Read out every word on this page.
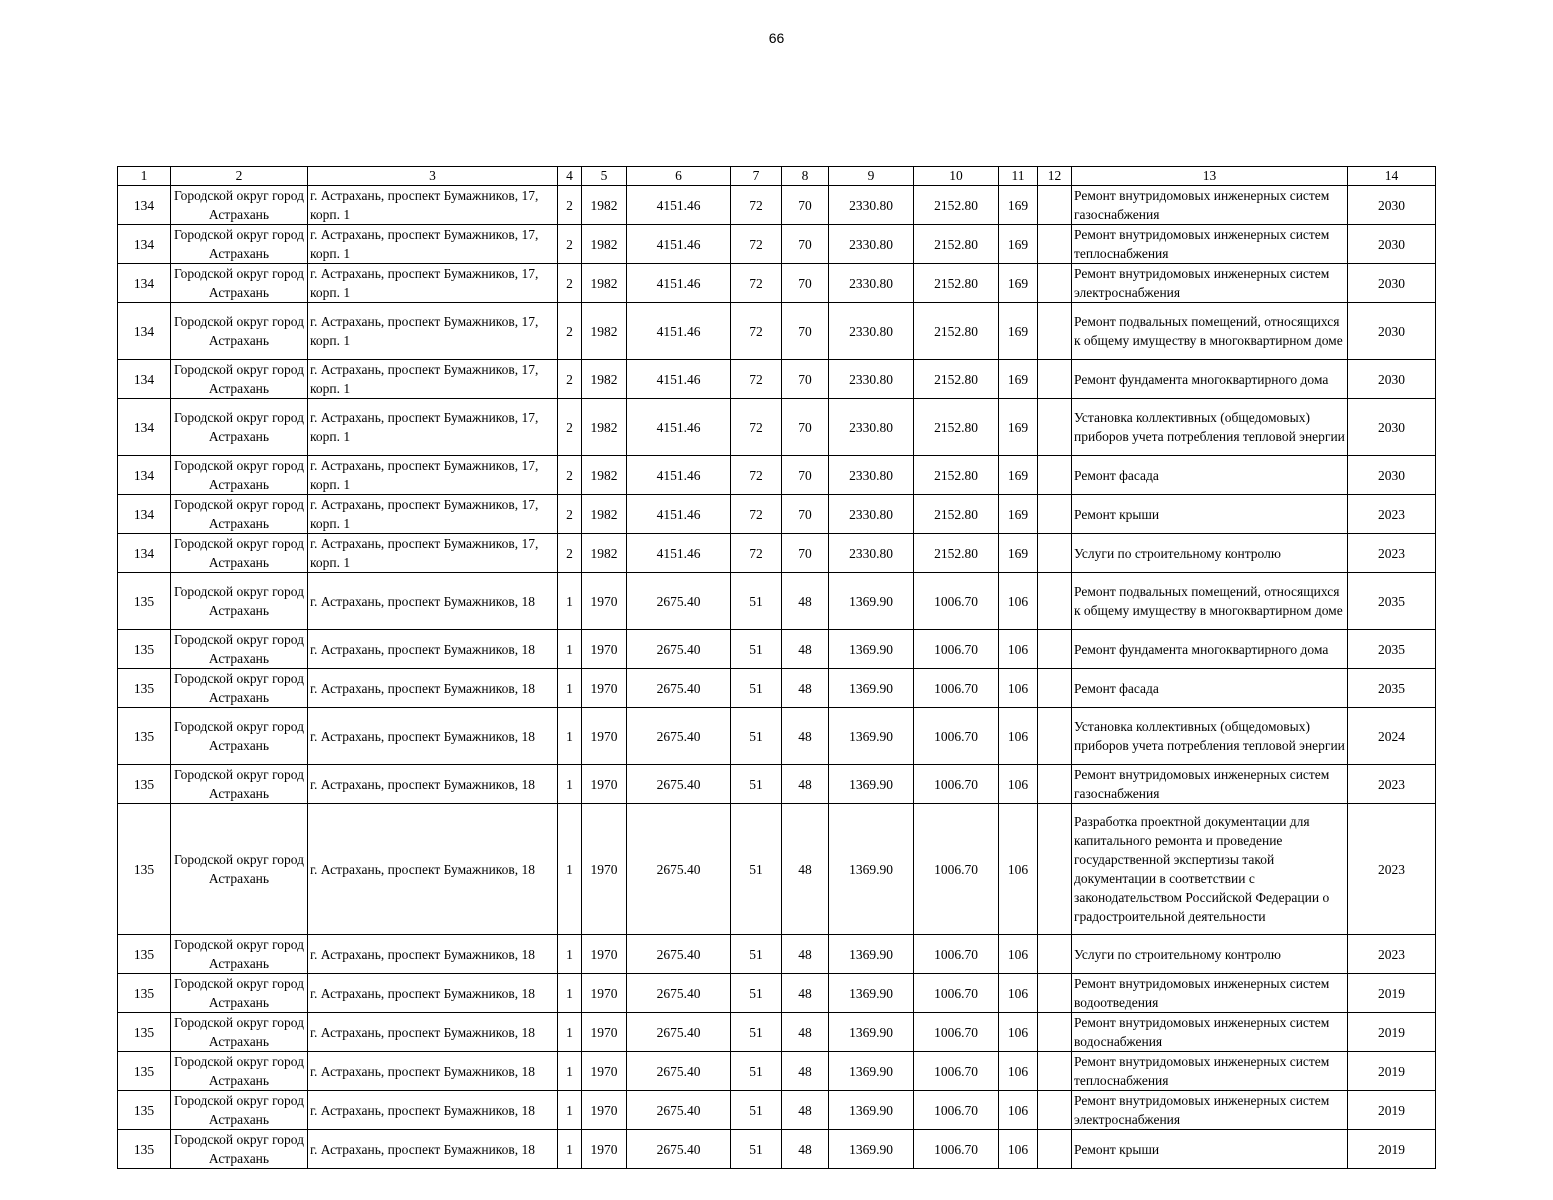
66
1	2	3	4	5	6	7	8	9	10	11	12	13	14
134	Городской округ город Астрахань	г. Астрахань, проспект Бумажников, 17, корп. 1	2	1982	4151.46	72	70	2330.80	2152.80	169		Ремонт внутридомовых инженерных систем газоснабжения	2030
134	Городской округ город Астрахань	г. Астрахань, проспект Бумажников, 17, корп. 1	2	1982	4151.46	72	70	2330.80	2152.80	169		Ремонт внутридомовых инженерных систем теплоснабжения	2030
134	Городской округ город Астрахань	г. Астрахань, проспект Бумажников, 17, корп. 1	2	1982	4151.46	72	70	2330.80	2152.80	169		Ремонт внутридомовых инженерных систем электроснабжения	2030
134	Городской округ город Астрахань	г. Астрахань, проспект Бумажников, 17, корп. 1	2	1982	4151.46	72	70	2330.80	2152.80	169		Ремонт подвальных помещений, относящихся к общему имуществу в многоквартирном доме	2030
134	Городской округ город Астрахань	г. Астрахань, проспект Бумажников, 17, корп. 1	2	1982	4151.46	72	70	2330.80	2152.80	169		Ремонт фундамента многоквартирного дома	2030
134	Городской округ город Астрахань	г. Астрахань, проспект Бумажников, 17, корп. 1	2	1982	4151.46	72	70	2330.80	2152.80	169		Установка коллективных (общедомовых) приборов учета потребления тепловой энергии	2030
134	Городской округ город Астрахань	г. Астрахань, проспект Бумажников, 17, корп. 1	2	1982	4151.46	72	70	2330.80	2152.80	169		Ремонт фасада	2030
134	Городской округ город Астрахань	г. Астрахань, проспект Бумажников, 17, корп. 1	2	1982	4151.46	72	70	2330.80	2152.80	169		Ремонт крыши	2023
134	Городской округ город Астрахань	г. Астрахань, проспект Бумажников, 17, корп. 1	2	1982	4151.46	72	70	2330.80	2152.80	169		Услуги по строительному контролю	2023
135	Городской округ город Астрахань	г. Астрахань, проспект Бумажников, 18	1	1970	2675.40	51	48	1369.90	1006.70	106		Ремонт подвальных помещений, относящихся к общему имуществу в многоквартирном доме	2035
135	Городской округ город Астрахань	г. Астрахань, проспект Бумажников, 18	1	1970	2675.40	51	48	1369.90	1006.70	106		Ремонт фундамента многоквартирного дома	2035
135	Городской округ город Астрахань	г. Астрахань, проспект Бумажников, 18	1	1970	2675.40	51	48	1369.90	1006.70	106		Ремонт фасада	2035
135	Городской округ город Астрахань	г. Астрахань, проспект Бумажников, 18	1	1970	2675.40	51	48	1369.90	1006.70	106		Установка коллективных (общедомовых) приборов учета потребления тепловой энергии	2024
135	Городской округ город Астрахань	г. Астрахань, проспект Бумажников, 18	1	1970	2675.40	51	48	1369.90	1006.70	106		Ремонт внутридомовых инженерных систем газоснабжения	2023
135	Городской округ город Астрахань	г. Астрахань, проспект Бумажников, 18	1	1970	2675.40	51	48	1369.90	1006.70	106		Разработка проектной документации для капитального ремонта и проведение государственной экспертизы такой документации в соответствии с законодательством Российской Федерации о градостроительной деятельности	2023
135	Городской округ город Астрахань	г. Астрахань, проспект Бумажников, 18	1	1970	2675.40	51	48	1369.90	1006.70	106		Услуги по строительному контролю	2023
135	Городской округ город Астрахань	г. Астрахань, проспект Бумажников, 18	1	1970	2675.40	51	48	1369.90	1006.70	106		Ремонт внутридомовых инженерных систем водоотведения	2019
135	Городской округ город Астрахань	г. Астрахань, проспект Бумажников, 18	1	1970	2675.40	51	48	1369.90	1006.70	106		Ремонт внутридомовых инженерных систем водоснабжения	2019
135	Городской округ город Астрахань	г. Астрахань, проспект Бумажников, 18	1	1970	2675.40	51	48	1369.90	1006.70	106		Ремонт внутридомовых инженерных систем теплоснабжения	2019
135	Городской округ город Астрахань	г. Астрахань, проспект Бумажников, 18	1	1970	2675.40	51	48	1369.90	1006.70	106		Ремонт внутридомовых инженерных систем электроснабжения	2019
135	Городской округ город Астрахань	г. Астрахань, проспект Бумажников, 18	1	1970	2675.40	51	48	1369.90	1006.70	106		Ремонт крыши	2019
